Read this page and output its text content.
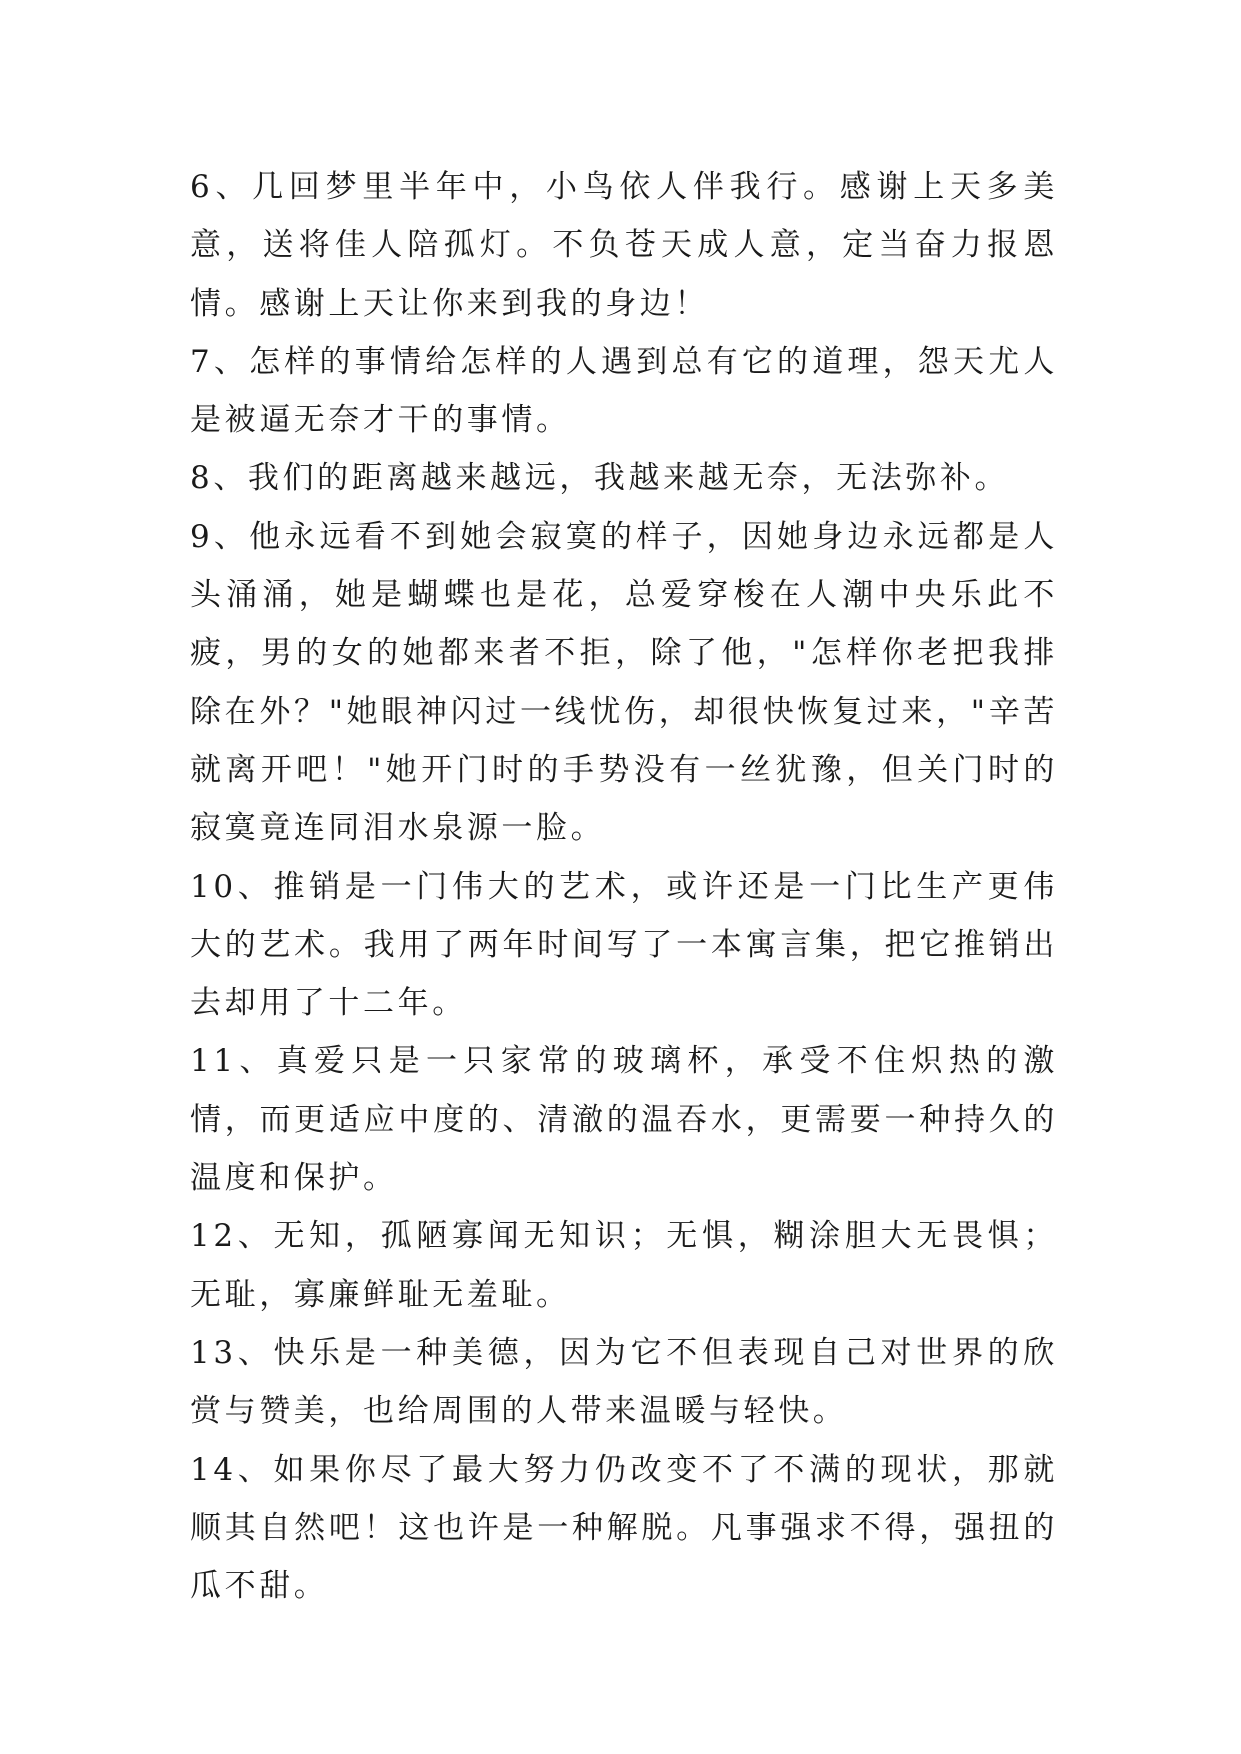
6、几回梦里半年中，小鸟依人伴我行。感谢上天多美意，送将佳人陪孤灯。不负苍天成人意，定当奋力报恩情。感谢上天让你来到我的身边！

7、怎样的事情给怎样的人遇到总有它的道理，怨天尤人是被逼无奈才干的事情。

8、我们的距离越来越远，我越来越无奈，无法弥补。

9、他永远看不到她会寂寞的样子，因她身边永远都是人头涌涌，她是蝴蝶也是花，总爱穿梭在人潮中央乐此不疲，男的女的她都来者不拒，除了他，"怎样你老把我排除在外？"她眼神闪过一线忧伤，却很快恢复过来，"辛苦就离开吧！"她开门时的手势没有一丝犹豫，但关门时的寂寞竟连同泪水泉源一脸。

10、推销是一门伟大的艺术，或许还是一门比生产更伟大的艺术。我用了两年时间写了一本寓言集，把它推销出去却用了十二年。

11、真爱只是一只家常的玻璃杯，承受不住炽热的激情，而更适应中度的、清澈的温吞水，更需要一种持久的温度和保护。

12、无知，孤陋寡闻无知识；无惧，糊涂胆大无畏惧；无耻，寡廉鲜耻无羞耻。

13、快乐是一种美德，因为它不但表现自己对世界的欣赏与赞美，也给周围的人带来温暖与轻快。

14、如果你尽了最大努力仍改变不了不满的现状，那就顺其自然吧！这也许是一种解脱。凡事强求不得，强扭的瓜不甜。
